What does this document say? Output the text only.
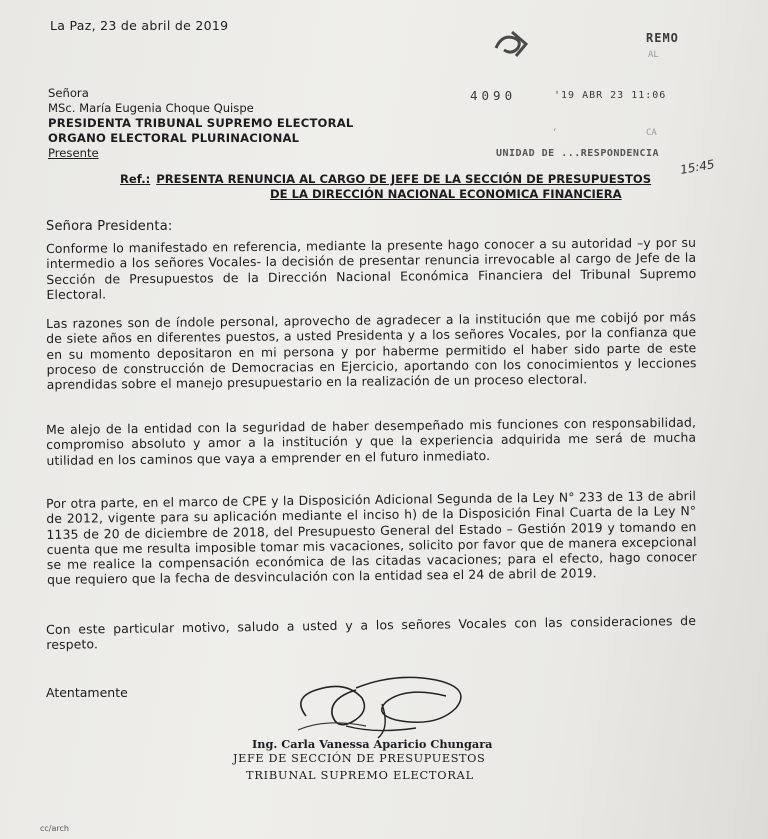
La Paz, 23 de abril de 2019

REMO

AL

4090	'19 ABR 23 11:06

CA

‘

UNIDAD DE ...RESPONDENCIA

15:45

Señora
MSc. María Eugenia Choque Quispe
PRESIDENTA TRIBUNAL SUPREMO ELECTORAL
ORGANO ELECTORAL PLURINACIONAL
Presente
Ref.: PRESENTA RENUNCIA AL CARGO DE JEFE DE LA SECCIÓN DE PRESUPUESTOS
DE LA DIRECCIÓN NACIONAL ECONOMICA FINANCIERA

Señora Presidenta:

Conforme lo manifestado en referencia, mediante la presente hago conocer a su autoridad –y por su intermedio a los señores Vocales- la decisión de presentar renuncia irrevocable al cargo de Jefe de la Sección de Presupuestos de la Dirección Nacional Económica Financiera del Tribunal Supremo Electoral.

Las razones son de índole personal, aprovecho de agradecer a la institución que me cobijó por más de siete años en diferentes puestos, a usted Presidenta y a los señores Vocales, por la confianza que en su momento depositaron en mi persona y por haberme permitido el haber sido parte de este proceso de construcción de Democracias en Ejercicio, aportando con los conocimientos y lecciones aprendidas sobre el manejo presupuestario en la realización de un proceso electoral.

Me alejo de la entidad con la seguridad de haber desempeñado mis funciones con responsabilidad, compromiso absoluto y amor a la institución y que la experiencia adquirida me será de mucha utilidad en los caminos que vaya a emprender en el futuro inmediato.

Por otra parte, en el marco de CPE y la Disposición Adicional Segunda de la Ley N° 233 de 13 de abril de 2012, vigente para su aplicación mediante el inciso h) de la Disposición Final Cuarta de la Ley N° 1135 de 20 de diciembre de 2018, del Presupuesto General del Estado – Gestión 2019 y tomando en cuenta que me resulta imposible tomar mis vacaciones, solicito por favor que de manera excepcional se me realice la compensación económica de las citadas vacaciones; para el efecto, hago conocer que requiero que la fecha de desvinculación con la entidad sea el 24 de abril de 2019.

Con este particular motivo, saludo a usted y a los señores Vocales con las consideraciones de respeto.

Atentamente

Ing. Carla Vanessa Aparicio Chungara

JEFE DE SECCIÓN DE PRESUPUESTOS

TRIBUNAL SUPREMO ELECTORAL

cc/arch
